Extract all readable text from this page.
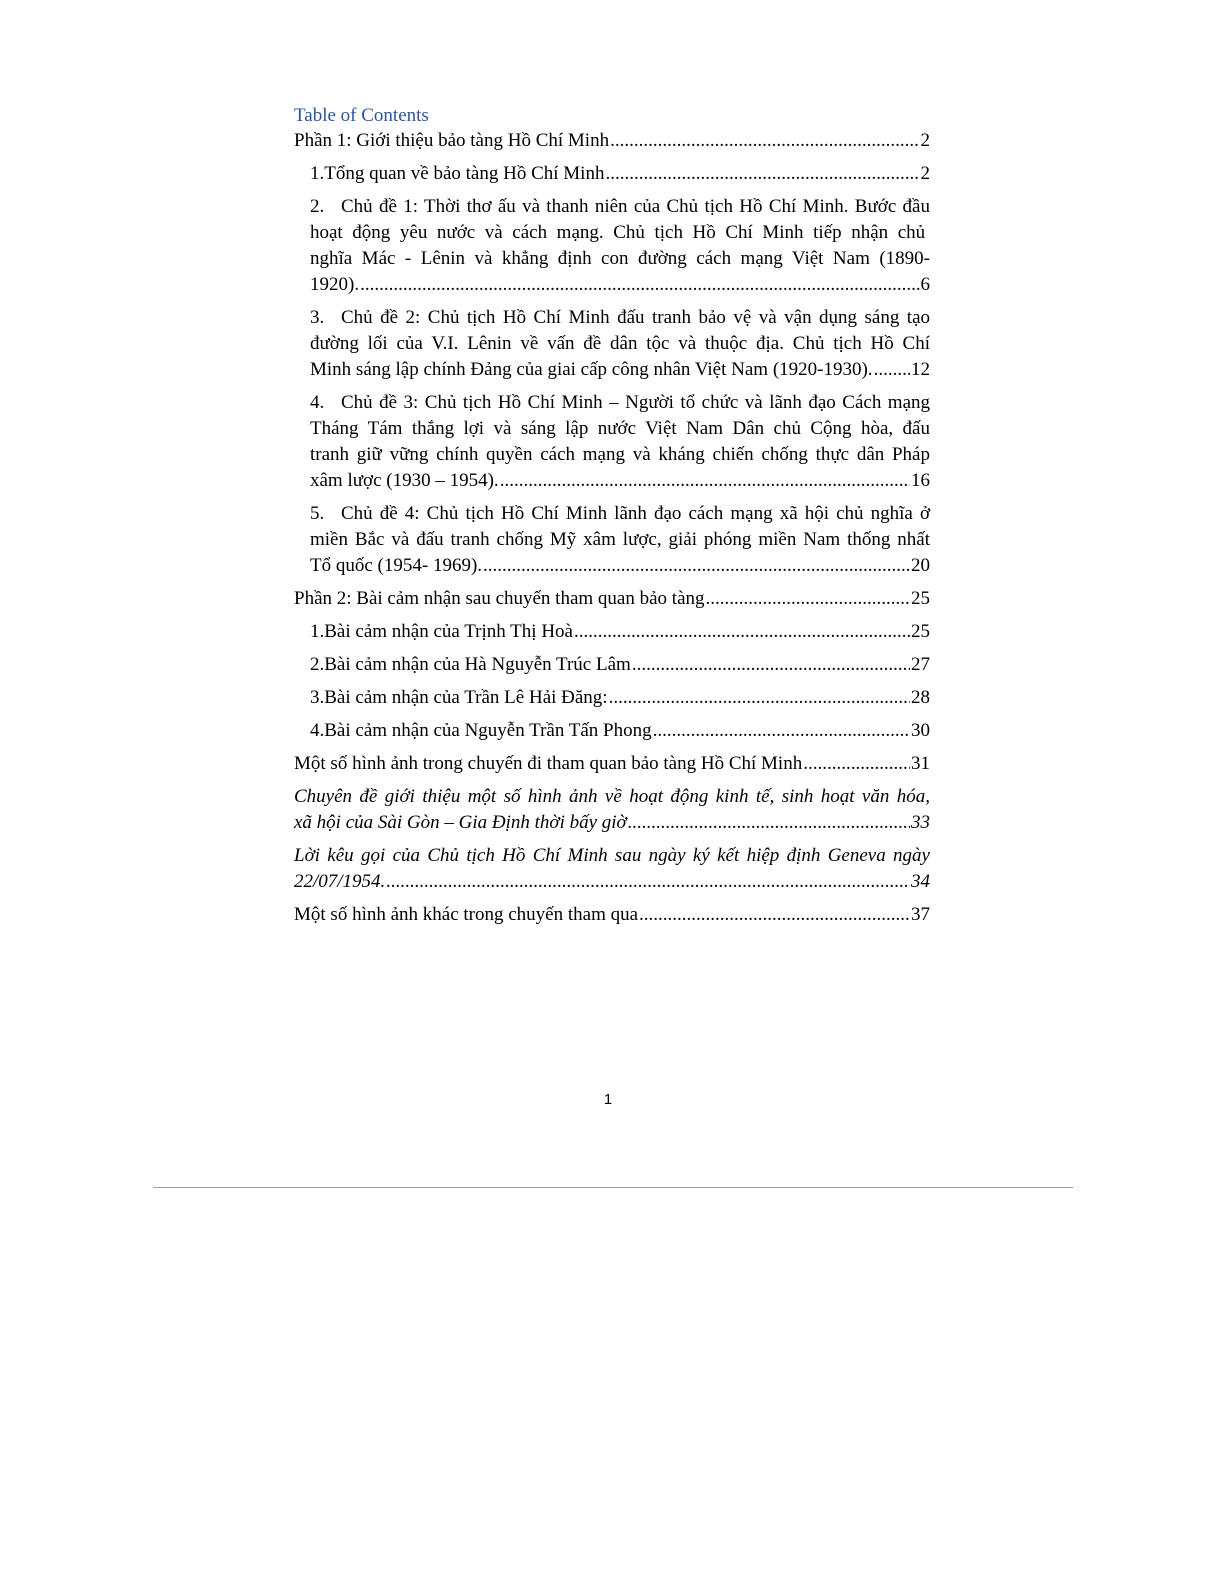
Table of Contents
Phần 1: Giới thiệu bảo tàng Hồ Chí Minh .....	2
1. Tổng quan về bảo tàng Hồ Chí Minh .....	2
2. Chủ đề 1: Thời thơ ấu và thanh niên của Chủ tịch Hồ Chí Minh. Bước đầu
hoạt động yêu nước và cách mạng. Chủ tịch Hồ Chí Minh tiếp nhận chủ
nghĩa Mác - Lênin và khẳng định con đường cách mạng Việt Nam (1890-
1920). .....	6
3. Chủ đề 2: Chủ tịch Hồ Chí Minh đấu tranh bảo vệ và vận dụng sáng tạo
đường lối của V.I. Lênin về vấn đề dân tộc và thuộc địa. Chủ tịch Hồ Chí
Minh sáng lập chính Đảng của giai cấp công nhân Việt Nam (1920-1930). ..... 12
4. Chủ đề 3: Chủ tịch Hồ Chí Minh – Người tổ chức và lãnh đạo Cách mạng
Tháng Tám thắng lợi và sáng lập nước Việt Nam Dân chủ Cộng hòa, đấu
tranh giữ vững chính quyền cách mạng và kháng chiến chống thực dân Pháp
xâm lược (1930 – 1954). .....	16
5. Chủ đề 4: Chủ tịch Hồ Chí Minh lãnh đạo cách mạng xã hội chủ nghĩa ở
miền Bắc và đấu tranh chống Mỹ xâm lược, giải phóng miền Nam thống nhất
Tổ quốc (1954- 1969). .....	20
Phần 2: Bài cảm nhận sau chuyến tham quan bảo tàng .....	25
1. Bài cảm nhận của Trịnh Thị Hoà .....	25
2. Bài cảm nhận của Hà Nguyễn Trúc Lâm .....	27
3. Bài cảm nhận của Trần Lê Hải Đăng: .....	28
4. Bài cảm nhận của Nguyễn Trần Tấn Phong .....	30
Một số hình ảnh trong chuyến đi tham quan bảo tàng Hồ Chí Minh .....	31
Chuyên đề giới thiệu một số hình ảnh về hoạt động kinh tế, sinh hoạt văn hóa,
xã hội của Sài Gòn – Gia Định thời bấy giờ .....	33
Lời kêu gọi của Chủ tịch Hồ Chí Minh sau ngày ký kết hiệp định Geneva ngày
22/07/1954. .....	34
Một số hình ảnh khác trong chuyến tham qua .....	37
1
